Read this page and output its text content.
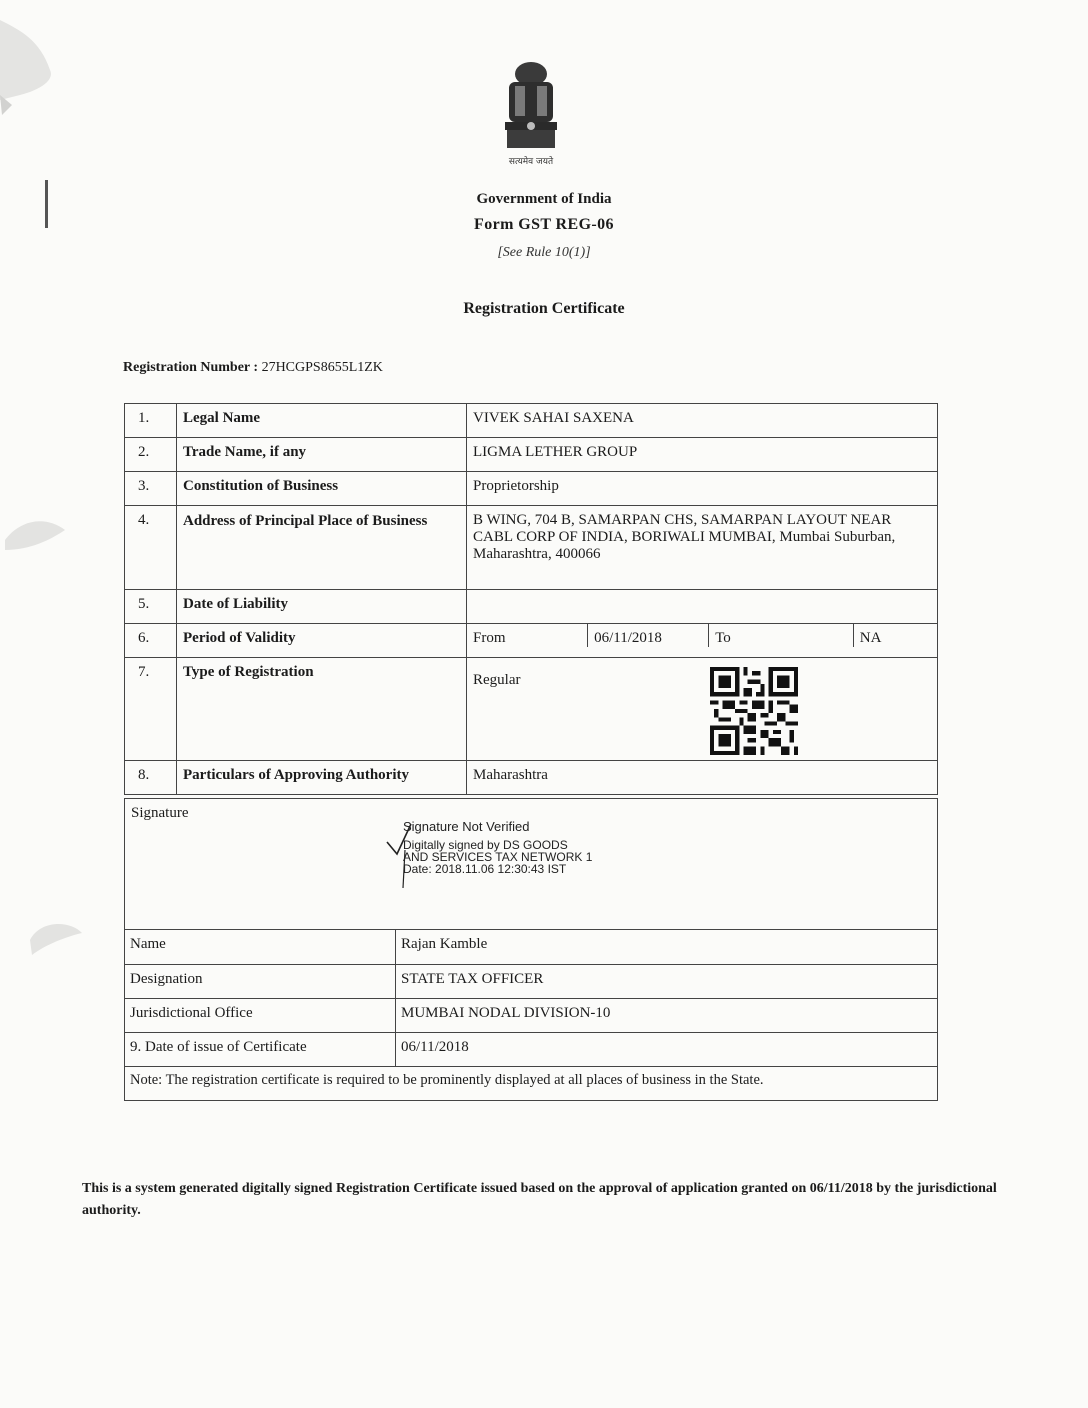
सत्यमेव जयते
Government of India
Form GST REG-06
[See Rule 10(1)]
Registration Certificate
Registration Number : 27HCGPS8655L1ZK
1.	Legal Name	VIVEK SAHAI SAXENA
2.	Trade Name, if any	LIGMA LETHER GROUP
3.	Constitution of Business	Proprietorship
4.	Address of Principal Place of Business	B WING, 704 B, SAMARPAN CHS, SAMARPAN LAYOUT NEAR CABL CORP OF INDIA, BORIWALI MUMBAI, Mumbai Suburban, Maharashtra, 400066
5.	Date of Liability	
6.	Period of Validity		From	06/11/2018	To	NA

7.	Type of Registration	Regular
8.	Particulars of Approving Authority	Maharashtra
Signature
Signature Not Verified
Digitally signed by DS GOODS
AND SERVICES TAX NETWORK 1
Date: 2018.11.06 12:30:43 IST	

Name	Rajan Kamble
Designation	STATE TAX OFFICER
Jurisdictional Office	MUMBAI NODAL DIVISION-10
9. Date of issue of Certificate	06/11/2018
Note: The registration certificate is required to be prominently displayed at all places of business in the State.	
This is a system generated digitally signed Registration Certificate issued based on the approval of application granted on 06/11/2018 by the jurisdictional authority.
